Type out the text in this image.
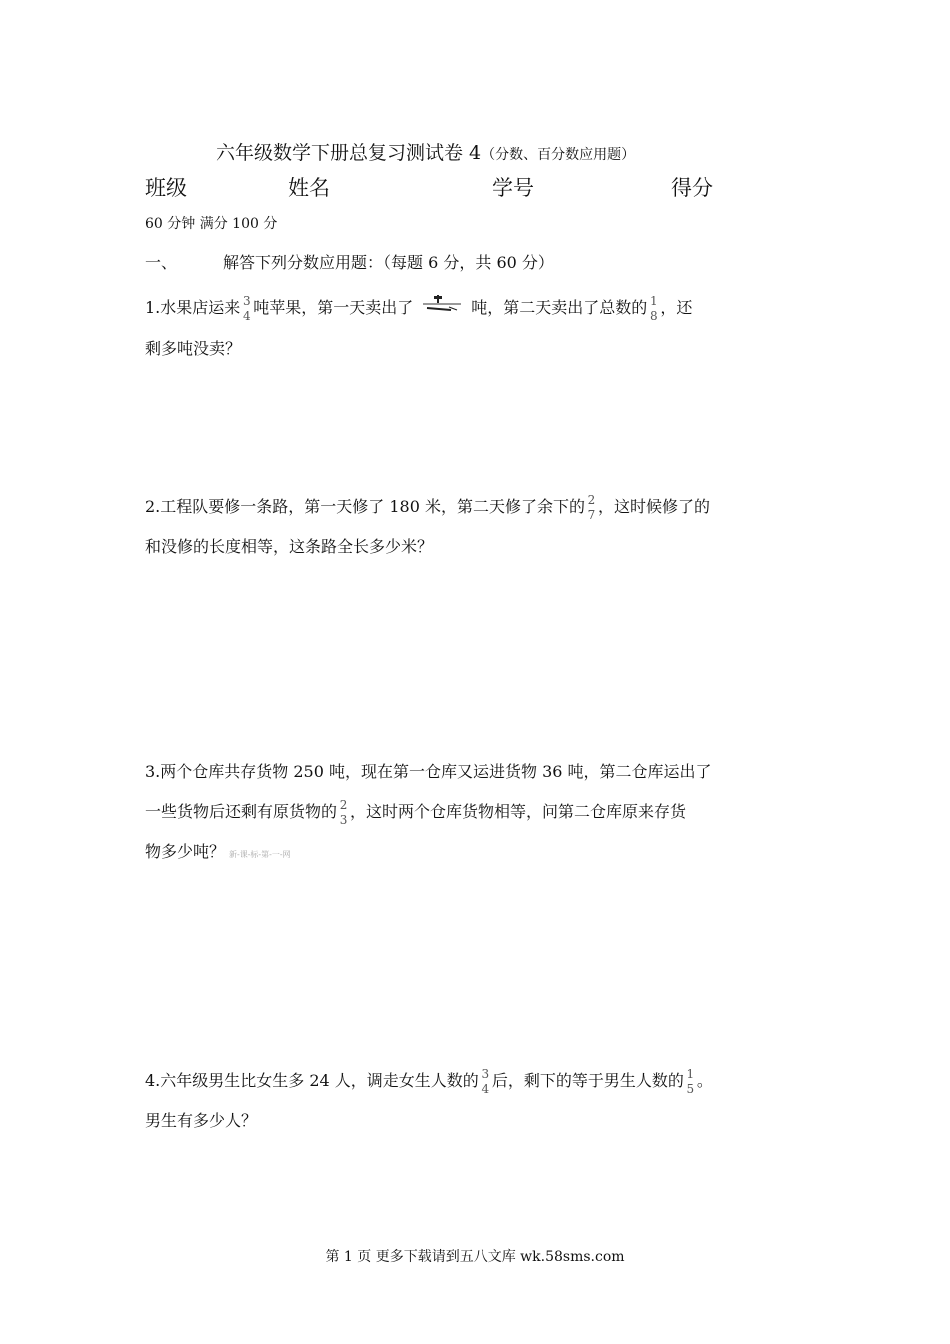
六年级数学下册总复习测试卷 4（分数、百分数应用题）
班级	姓名	学号	得分
60 分钟 满分 100 分
一、	解答下列分数应用题：（每题 6 分，共 60 分）
1.水果店运来 $\frac{3}{4}$ 吨苹果，第一天卖出了	吨，第二天卖出了总数的 $\frac{1}{8}$ ，还
剩多吨没卖？
2.工程队要修一条路，第一天修了 180 米，第二天修了余下的 $\frac{2}{7}$ ，这时候修了的
和没修的长度相等，这条路全长多少米？
3.两个仓库共存货物 250 吨，现在第一仓库又运进货物 36 吨，第二仓库运出了
一些货物后还剩有原货物的 $\frac{2}{3}$ ，这时两个仓库货物相等，问第二仓库原来存货
物多少吨？ 新-课-标-第-一-网
4.六年级男生比女生多 24 人，调走女生人数的 $\frac{3}{4}$ 后，剩下的等于男生人数的 $\frac{1}{5}$ 。
男生有多少人？
第 1 页 更多下载请到五八文库 wk.58sms.com
